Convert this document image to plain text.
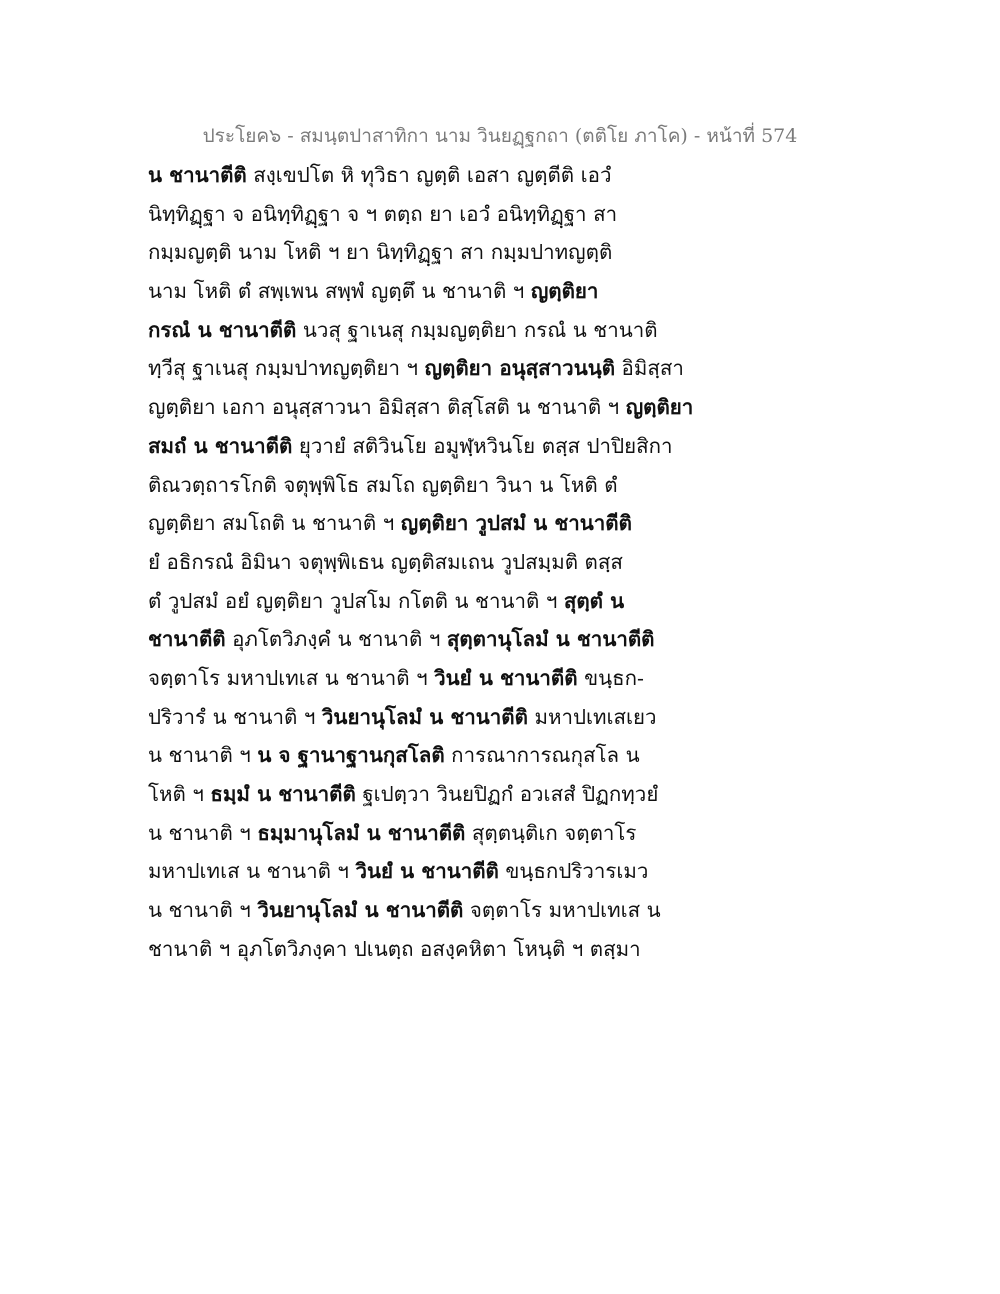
ประโยค๖ - สมนฺตปาสาทิกา นาม วินยฏฺฐกถา (ตติโย ภาโค) - หน้าที่ 574
น ชานาตีติ สงฺเขปโต หิ ทุวิธา ญตฺติ เอสา ญตฺตีติ เอวํ
นิทฺทิฏฺฐา จ อนิทฺทิฏฺฐา จ ฯ ตตฺถ ยา เอวํ อนิทฺทิฏฺฐา สา
กมฺมญตฺติ นาม โหติ ฯ ยา นิทฺทิฏฺฐา สา กมฺมปาทญตฺติ
นาม โหติ ตํ สพฺเพน สพฺพํ ญตฺตึ น ชานาติ ฯ ญตฺติยา
กรณํ น ชานาตีติ นวสุ ฐาเนสุ กมฺมญตฺติยา กรณํ น ชานาติ
ทฺวีสุ ฐาเนสุ กมฺมปาทญตฺติยา ฯ ญตฺติยา อนุสฺสาวนนฺติ อิมิสฺสา
ญตฺติยา เอกา อนุสฺสาวนา อิมิสฺสา ติสฺโสติ น ชานาติ ฯ ญตฺติยา
สมถํ น ชานาตีติ ยุวายํ สติวินโย อมูฬฺหวินโย ตสฺส ปาปิยสิกา
ติณวตฺถารโกติ จตุพฺพิโธ สมโถ ญตฺติยา วินา น โหติ ตํ
ญตฺติยา สมโถติ น ชานาติ ฯ ญตฺติยา วูปสมํ น ชานาตีติ
ยํ อธิกรณํ อิมินา จตุพฺพิเธน ญตฺติสมเถน วูปสมฺมติ ตสฺส
ตํ วูปสมํ อยํ ญตฺติยา วูปสโม กโตติ น ชานาติ ฯ สุตฺตํ น
ชานาตีติ อุภโตวิภงฺคํ น ชานาติ ฯ สุตฺตานุโลมํ น ชานาตีติ
จตฺตาโร มหาปเทเส น ชานาติ ฯ วินยํ น ชานาตีติ ขนฺธก-
ปริวารํ น ชานาติ ฯ วินยานุโลมํ น ชานาตีติ มหาปเทเสเยว
น ชานาติ ฯ น จ ฐานาฐานกุสโลติ การณาการณกุสโล น
โหติ ฯ ธมฺมํ น ชานาตีติ ฐเปตฺวา วินยปิฏกํ อวเสสํ ปิฏกทฺวยํ
น ชานาติ ฯ ธมฺมานุโลมํ น ชานาตีติ สุตฺตนฺติเก จตฺตาโร
มหาปเทเส น ชานาติ ฯ วินยํ น ชานาตีติ ขนฺธกปริวารเมว
น ชานาติ ฯ วินยานุโลมํ น ชานาตีติ จตฺตาโร มหาปเทเส น
ชานาติ ฯ อุภโตวิภงฺคา ปเนตฺถ อสงฺคหิตา โหนฺติ ฯ ตสฺมา
